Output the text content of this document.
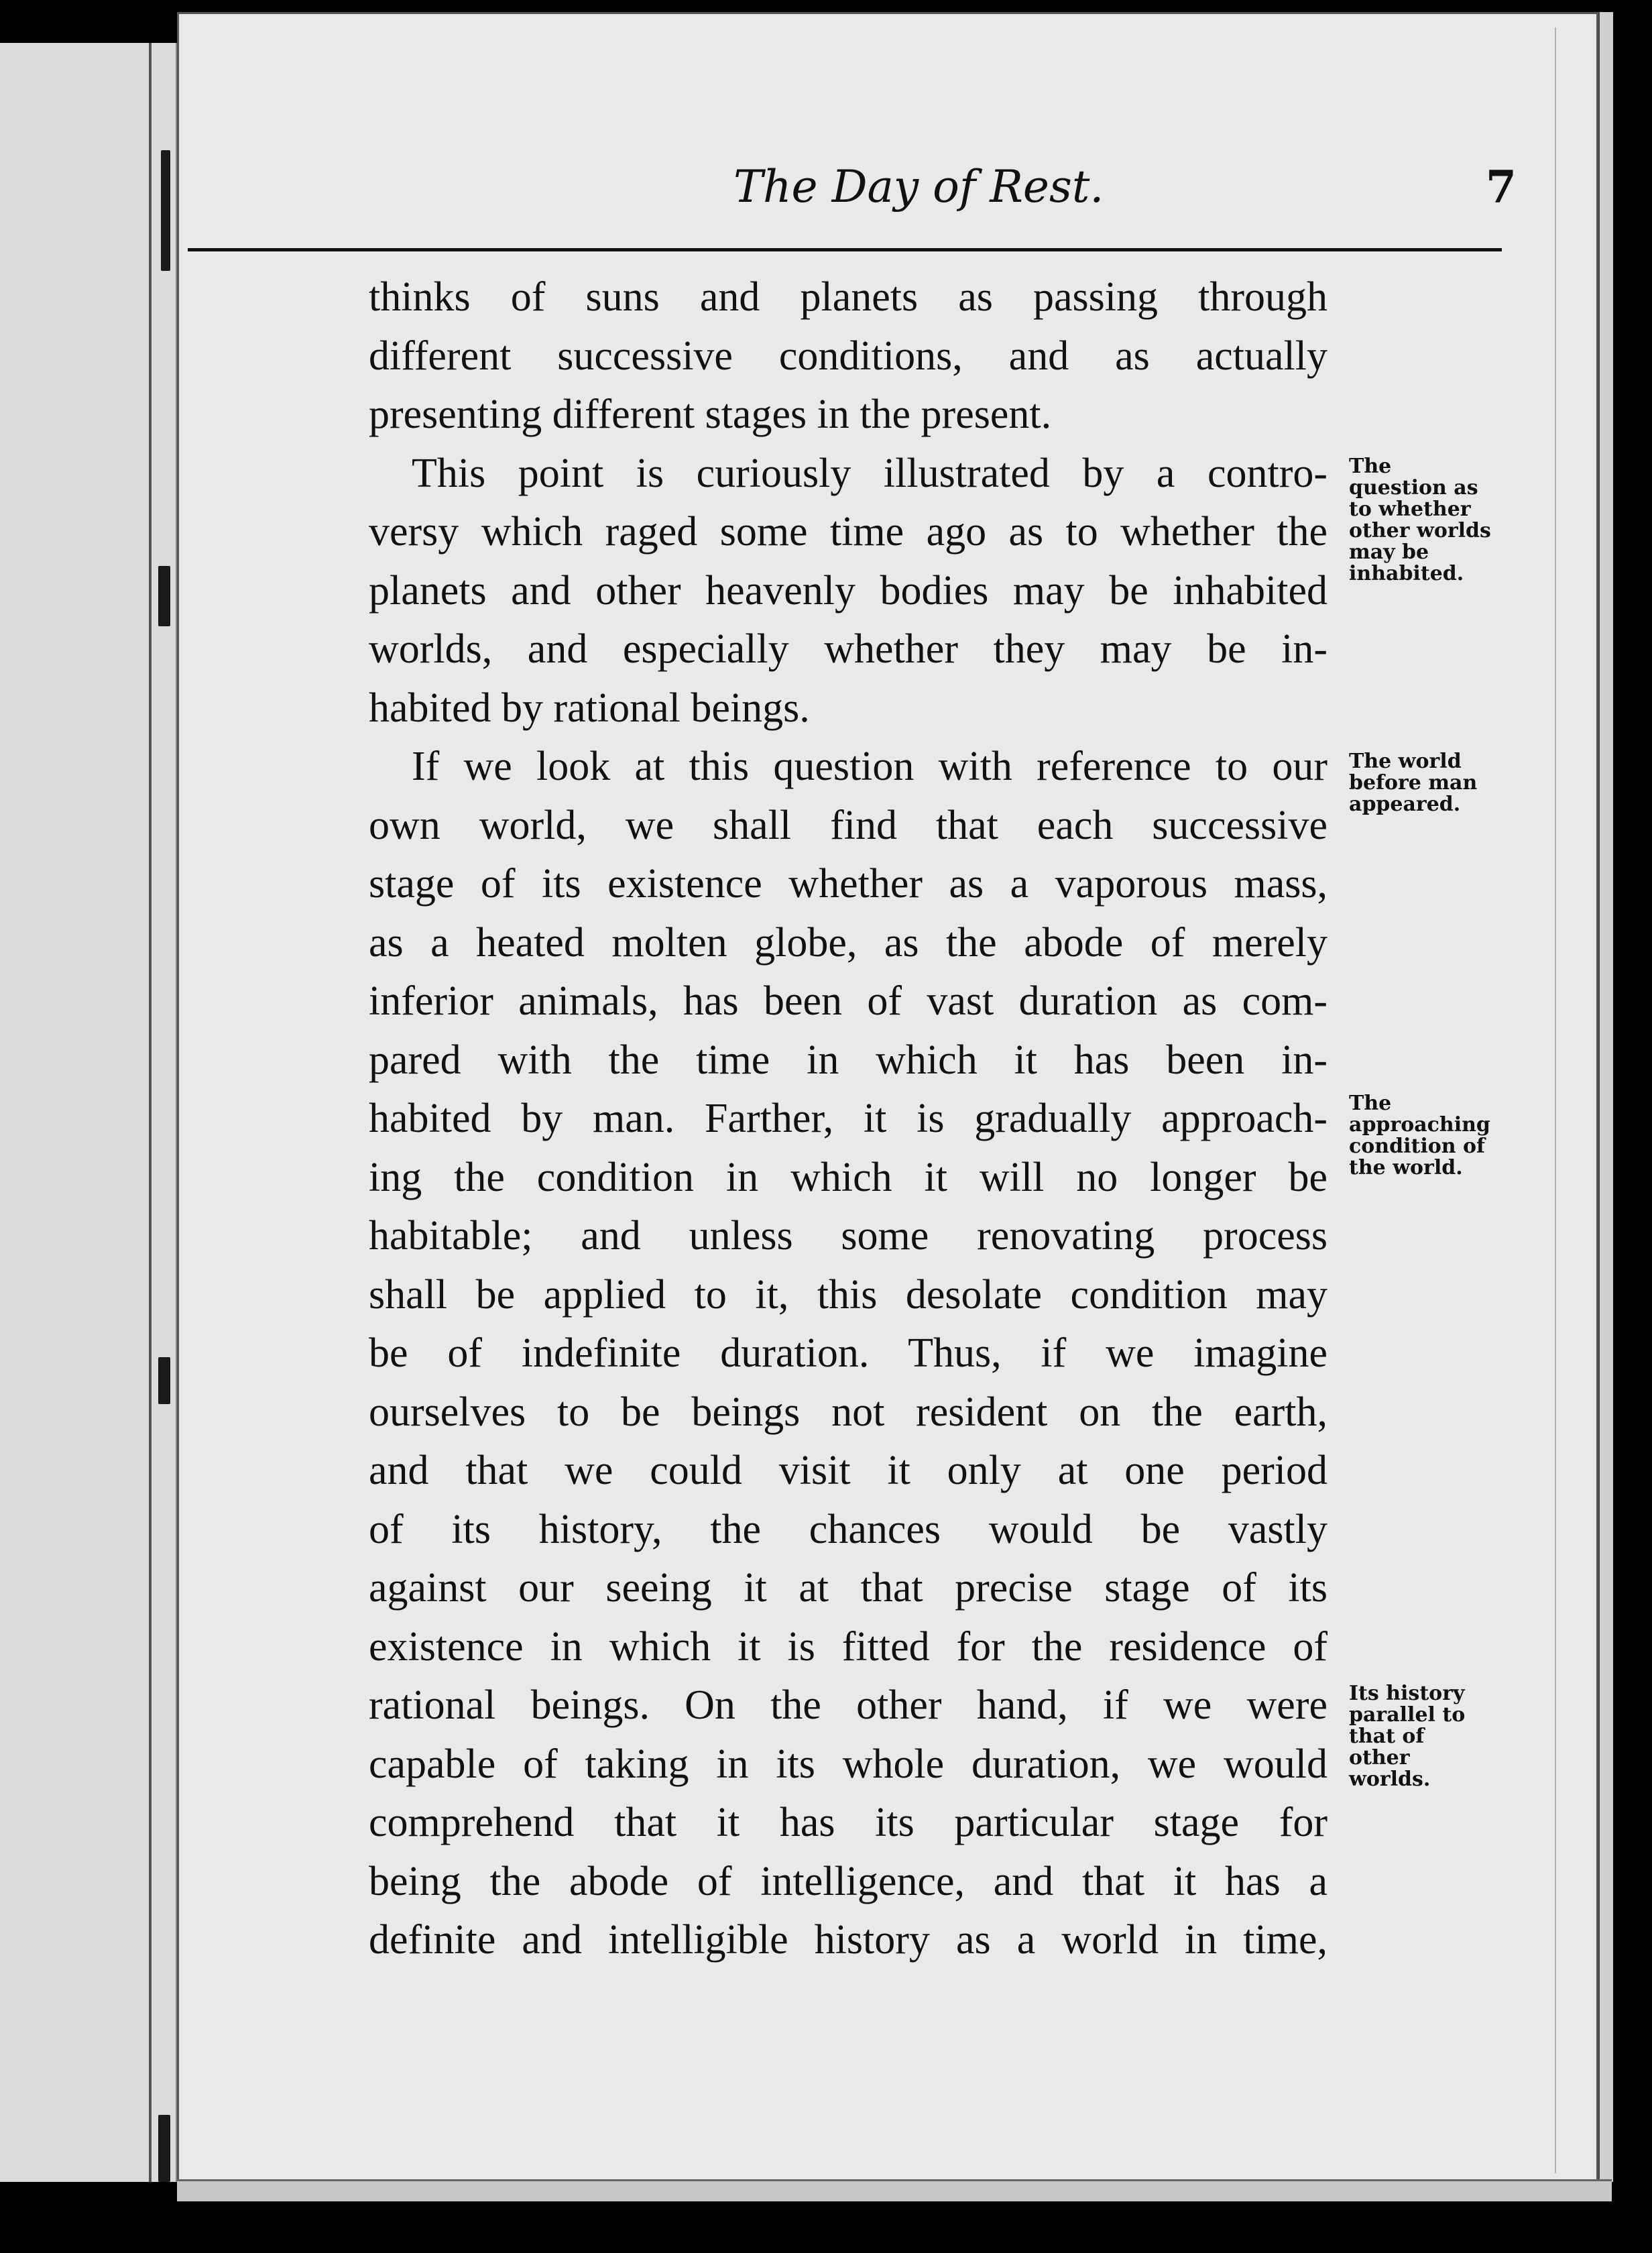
The Day of Rest.	7
thinks of suns and planets as passing through
different successive conditions, and as actually
presenting different stages in the present.
This point is curiously illustrated by a contro-
versy which raged some time ago as to whether the
planets and other heavenly bodies may be inhabited
worlds, and especially whether they may be in-
habited by rational beings.
If we look at this question with reference to our
own world, we shall find that each successive
stage of its existence whether as a vaporous mass,
as a heated molten globe, as the abode of merely
inferior animals, has been of vast duration as com-
pared with the time in which it has been in-
habited by man. Farther, it is gradually approach-
ing the condition in which it will no longer be
habitable; and unless some renovating process
shall be applied to it, this desolate condition may
be of indefinite duration. Thus, if we imagine
ourselves to be beings not resident on the earth,
and that we could visit it only at one period
of its history, the chances would be vastly
against our seeing it at that precise stage of its
existence in which it is fitted for the residence of
rational beings. On the other hand, if we were
capable of taking in its whole duration, we would
comprehend that it has its particular stage for
being the abode of intelligence, and that it has a
definite and intelligible history as a world in time,
The
question as
to whether
other worlds
may be
inhabited.
The world
before man
appeared.
The
approaching
condition of
the world.
Its history
parallel to
that of
other
worlds.
